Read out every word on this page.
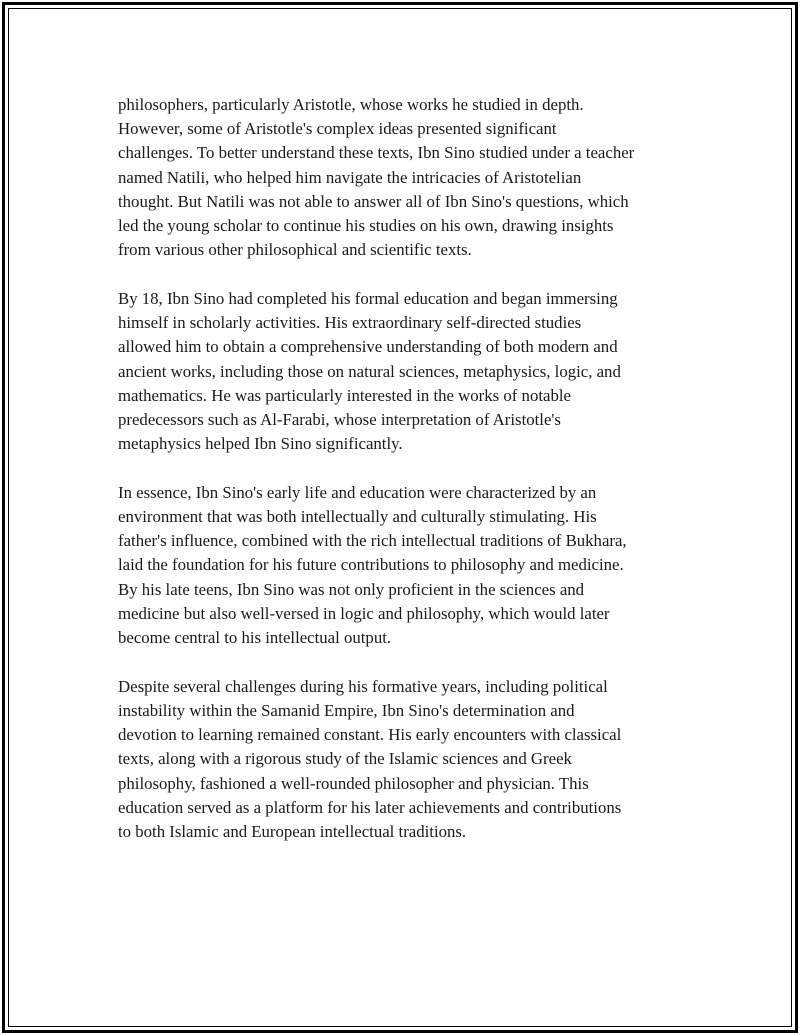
philosophers, particularly Aristotle, whose works he studied in depth.
However, some of Aristotle's complex ideas presented significant
challenges. To better understand these texts, Ibn Sino studied under a teacher
named Natili, who helped him navigate the intricacies of Aristotelian
thought. But Natili was not able to answer all of Ibn Sino's questions, which
led the young scholar to continue his studies on his own, drawing insights
from various other philosophical and scientific texts.

By 18, Ibn Sino had completed his formal education and began immersing
himself in scholarly activities. His extraordinary self-directed studies
allowed him to obtain a comprehensive understanding of both modern and
ancient works, including those on natural sciences, metaphysics, logic, and
mathematics. He was particularly interested in the works of notable
predecessors such as Al-Farabi, whose interpretation of Aristotle's
metaphysics helped Ibn Sino significantly.

In essence, Ibn Sino's early life and education were characterized by an
environment that was both intellectually and culturally stimulating. His
father's influence, combined with the rich intellectual traditions of Bukhara,
laid the foundation for his future contributions to philosophy and medicine.
By his late teens, Ibn Sino was not only proficient in the sciences and
medicine but also well-versed in logic and philosophy, which would later
become central to his intellectual output.

Despite several challenges during his formative years, including political
instability within the Samanid Empire, Ibn Sino's determination and
devotion to learning remained constant. His early encounters with classical
texts, along with a rigorous study of the Islamic sciences and Greek
philosophy, fashioned a well-rounded philosopher and physician. This
education served as a platform for his later achievements and contributions
to both Islamic and European intellectual traditions.
